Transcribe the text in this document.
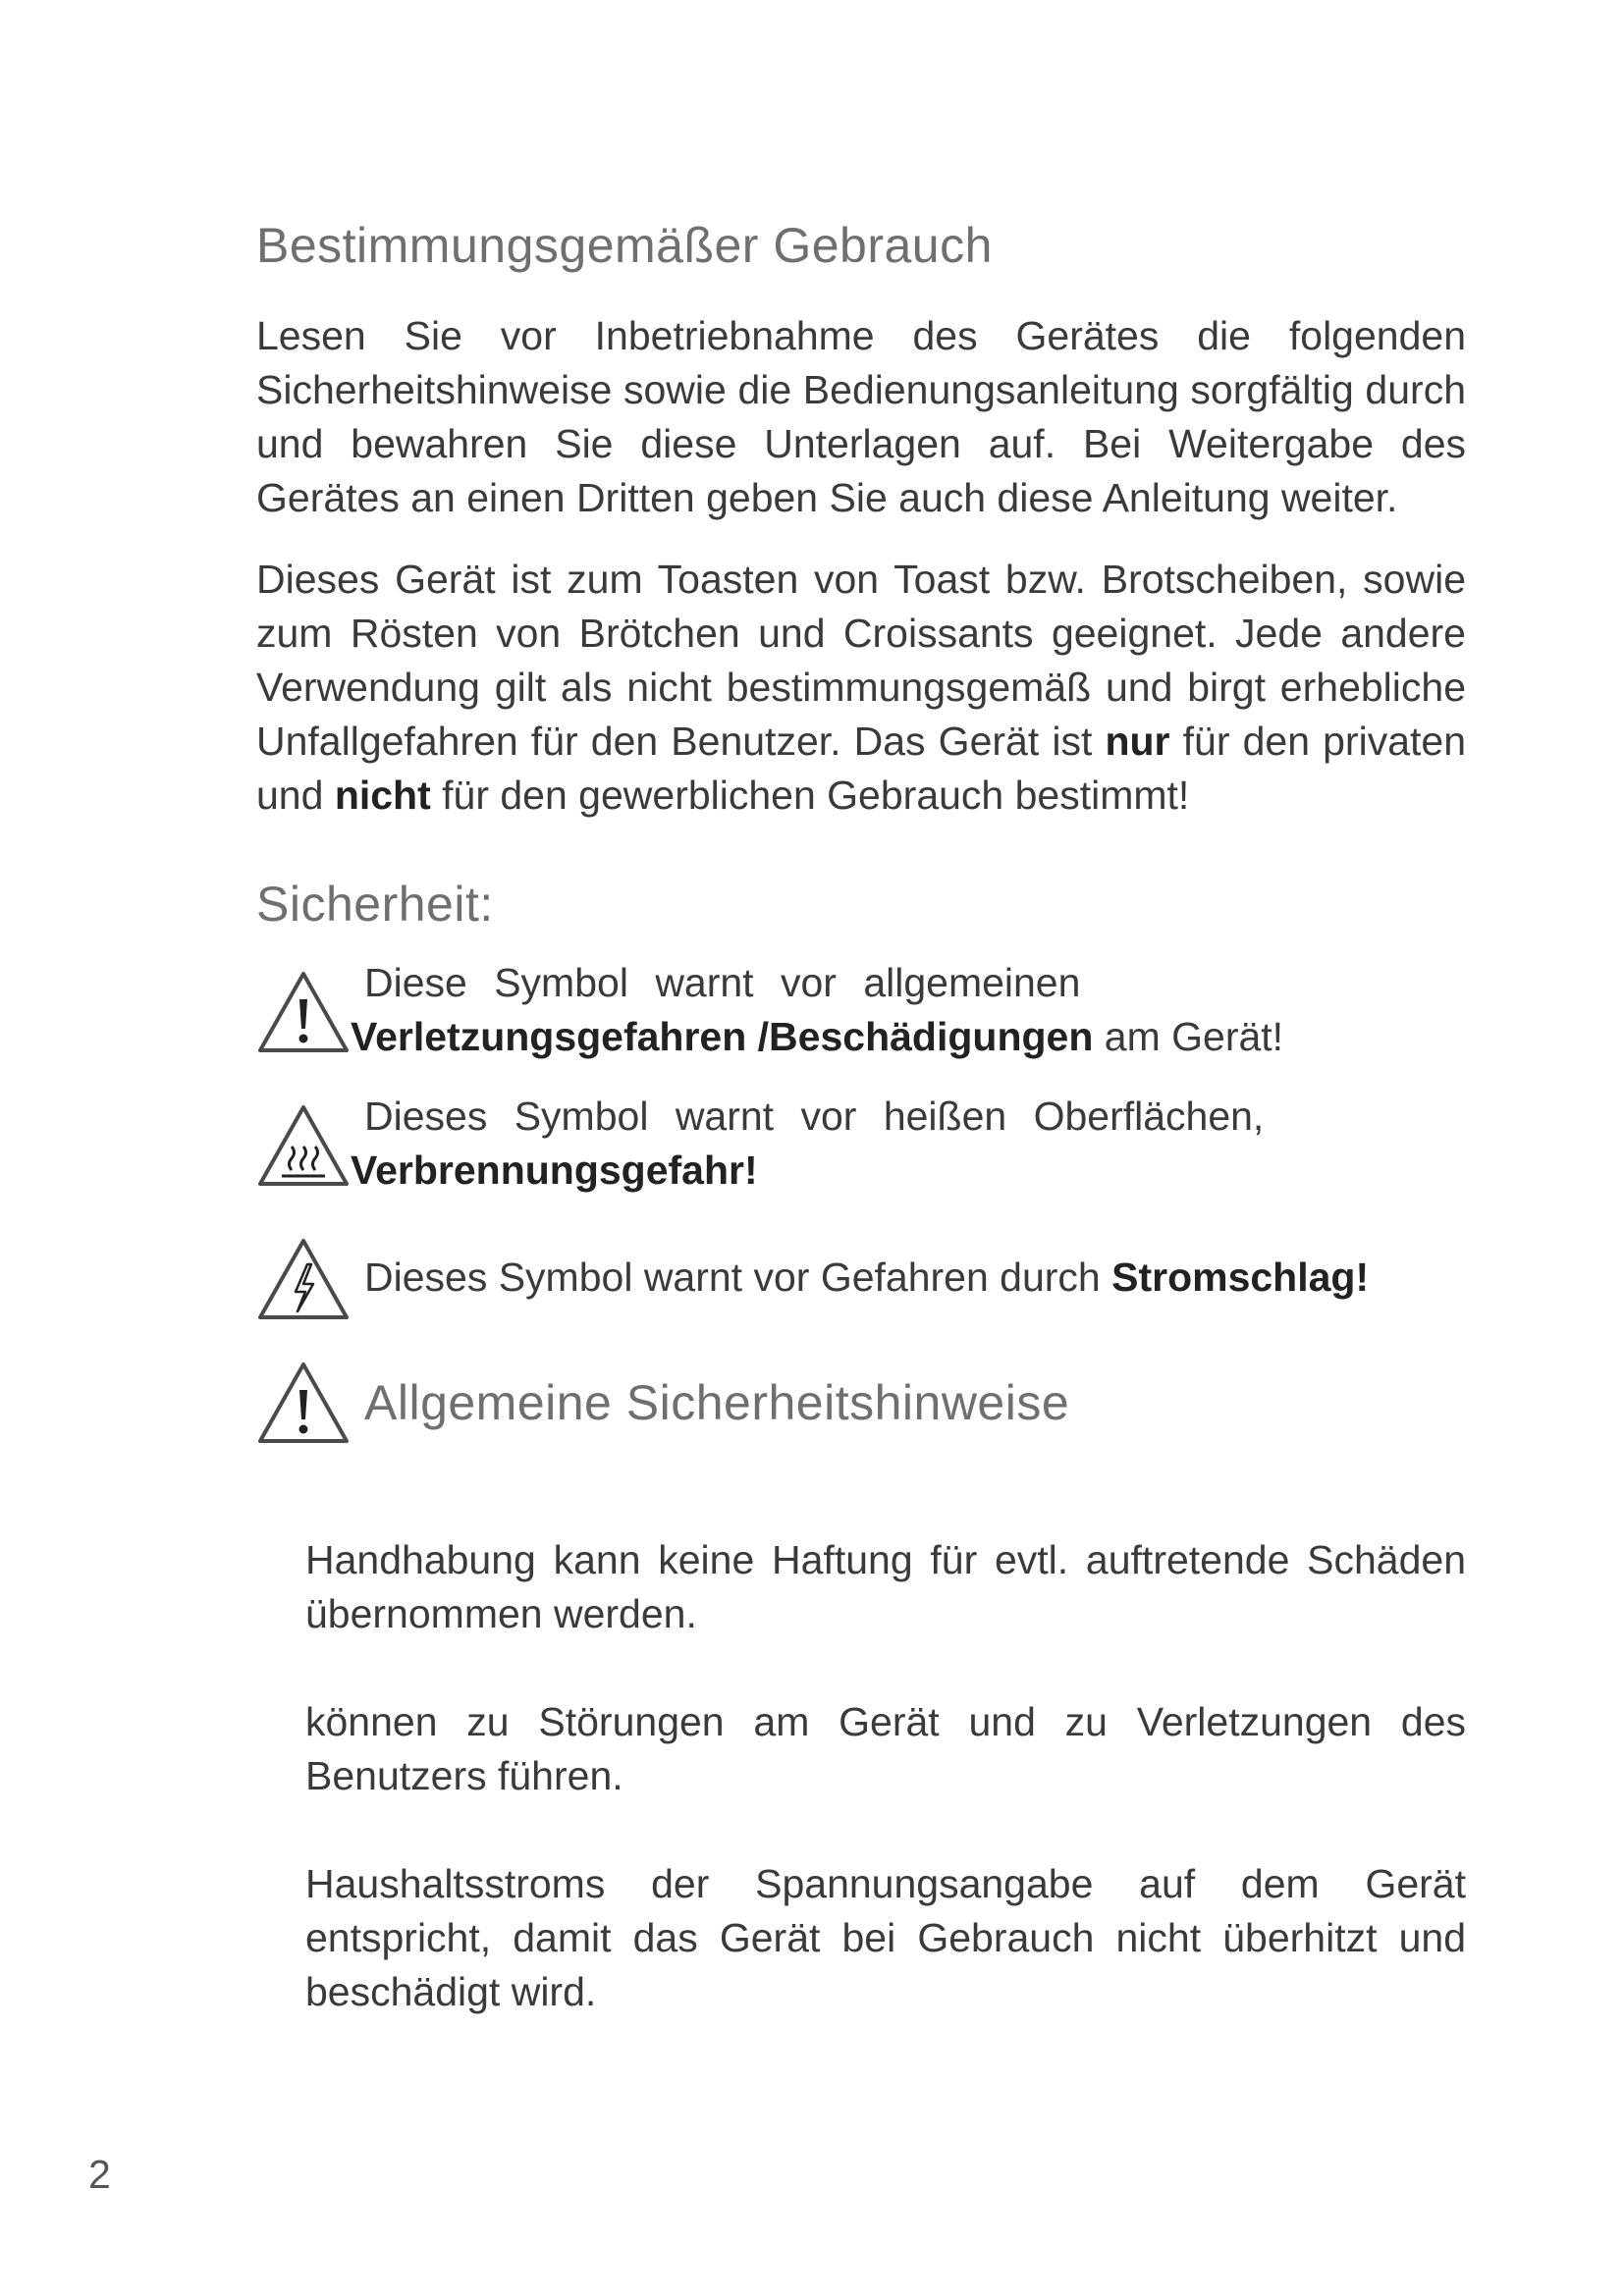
Bestimmungsgemäßer Gebrauch

Lesen Sie vor Inbetriebnahme des Gerätes die folgenden Sicherheitshinweise sowie die Bedienungsanleitung sorgfältig durch und bewahren Sie diese Unterlagen auf. Bei Weitergabe des Gerätes an einen Dritten geben Sie auch diese Anleitung weiter.

Dieses Gerät ist zum Toasten von Toast bzw. Brotscheiben, sowie zum Rösten von Brötchen und Croissants geeignet. Jede andere Verwendung gilt als nicht bestimmungsgemäß und birgt erhebliche Unfallgefahren für den Benutzer. Das Gerät ist nur für den privaten und nicht für den gewerblichen Gebrauch bestimmt!

Sicherheit:

Diese Symbol warnt vor allgemeinen
Verletzungsgefahren /Beschädigungen am Gerät!

Dieses Symbol warnt vor heißen Oberflächen,
Verbrennungsgefahr!

Dieses Symbol warnt vor Gefahren durch Stromschlag!

Allgemeine Sicherheitshinweise

Handhabung kann keine Haftung für evtl. auftretende Schäden übernommen werden.

können zu Störungen am Gerät und zu Verletzungen des Benutzers führen.

Haushaltsstroms der Spannungsangabe auf dem Gerät entspricht, damit das Gerät bei Gebrauch nicht überhitzt und beschädigt wird.

2
